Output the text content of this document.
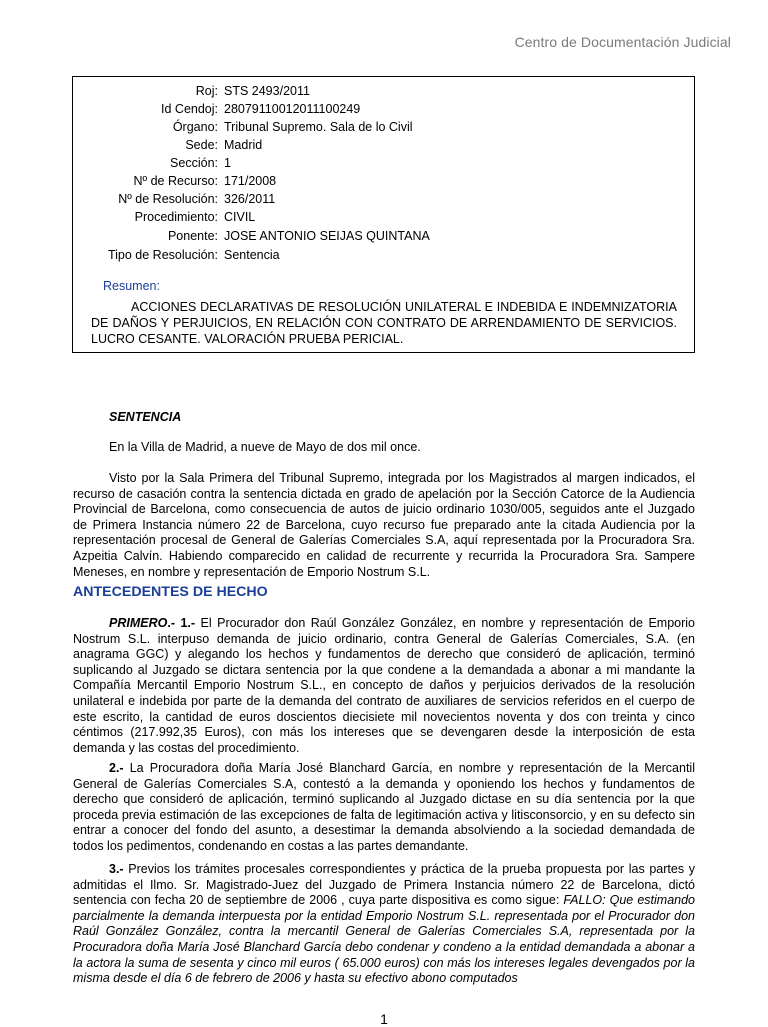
Centro de Documentación Judicial
Roj: STS 2493/2011
Id Cendoj: 28079110012011100249
Órgano: Tribunal Supremo. Sala de lo Civil
Sede: Madrid
Sección: 1
Nº de Recurso: 171/2008
Nº de Resolución: 326/2011
Procedimiento: CIVIL
Ponente: JOSE ANTONIO SEIJAS QUINTANA
Tipo de Resolución: Sentencia
Resumen:
ACCIONES DECLARATIVAS DE RESOLUCIÓN UNILATERAL E INDEBIDA E INDEMNIZATORIA DE DAÑOS Y PERJUICIOS, EN RELACIÓN CON CONTRATO DE ARRENDAMIENTO DE SERVICIOS. LUCRO CESANTE. VALORACIÓN PRUEBA PERICIAL.
SENTENCIA
En la Villa de Madrid, a nueve de Mayo de dos mil once.
Visto por la Sala Primera del Tribunal Supremo, integrada por los Magistrados al margen indicados, el recurso de casación contra la sentencia dictada en grado de apelación por la Sección Catorce de la Audiencia Provincial de Barcelona, como consecuencia de autos de juicio ordinario 1030/005, seguidos ante el Juzgado de Primera Instancia número 22 de Barcelona, cuyo recurso fue preparado ante la citada Audiencia por la representación procesal de General de Galerías Comerciales S.A, aquí representada por la Procuradora Sra. Azpeitia Calvín. Habiendo comparecido en calidad de recurrente y recurrida la Procuradora Sra. Sampere Meneses, en nombre y representación de Emporio Nostrum S.L.
ANTECEDENTES DE HECHO
PRIMERO.- 1.- El Procurador don Raúl González González, en nombre y representación de Emporio Nostrum S.L. interpuso demanda de juicio ordinario, contra General de Galerías Comerciales, S.A. (en anagrama GGC) y alegando los hechos y fundamentos de derecho que consideró de aplicación, terminó suplicando al Juzgado se dictara sentencia por la que condene a la demandada a abonar a mi mandante la Compañía Mercantil Emporio Nostrum S.L., en concepto de daños y perjuicios derivados de la resolución unilateral e indebida por parte de la demanda del contrato de auxiliares de servicios referidos en el cuerpo de este escrito, la cantidad de euros doscientos diecisiete mil novecientos noventa y dos con treinta y cinco céntimos (217.992,35 Euros), con más los intereses que se devengaren desde la interposición de esta demanda y las costas del procedimiento.
2.- La Procuradora doña María José Blanchard García, en nombre y representación de la Mercantil General de Galerías Comerciales S.A, contestó a la demanda y oponiendo los hechos y fundamentos de derecho que consideró de aplicación, terminó suplicando al Juzgado dictase en su día sentencia por la que proceda previa estimación de las excepciones de falta de legitimación activa y litisconsorcio, y en su defecto sin entrar a conocer del fondo del asunto, a desestimar la demanda absolviendo a la sociedad demandada de todos los pedimentos, condenando en costas a las partes demandante.
3.- Previos los trámites procesales correspondientes y práctica de la prueba propuesta por las partes y admitidas el Ilmo. Sr. Magistrado-Juez del Juzgado de Primera Instancia número 22 de Barcelona, dictó sentencia con fecha 20 de septiembre de 2006 , cuya parte dispositiva es como sigue: FALLO: Que estimando parcialmente la demanda interpuesta por la entidad Emporio Nostrum S.L. representada por el Procurador don Raúl González González, contra la mercantil General de Galerías Comerciales S.A, representada por la Procuradora doña María José Blanchard García debo condenar y condeno a la entidad demandada a abonar a la actora la suma de sesenta y cinco mil euros ( 65.000 euros) con más los intereses legales devengados por la misma desde el día 6 de febrero de 2006 y hasta su efectivo abono computados
1
